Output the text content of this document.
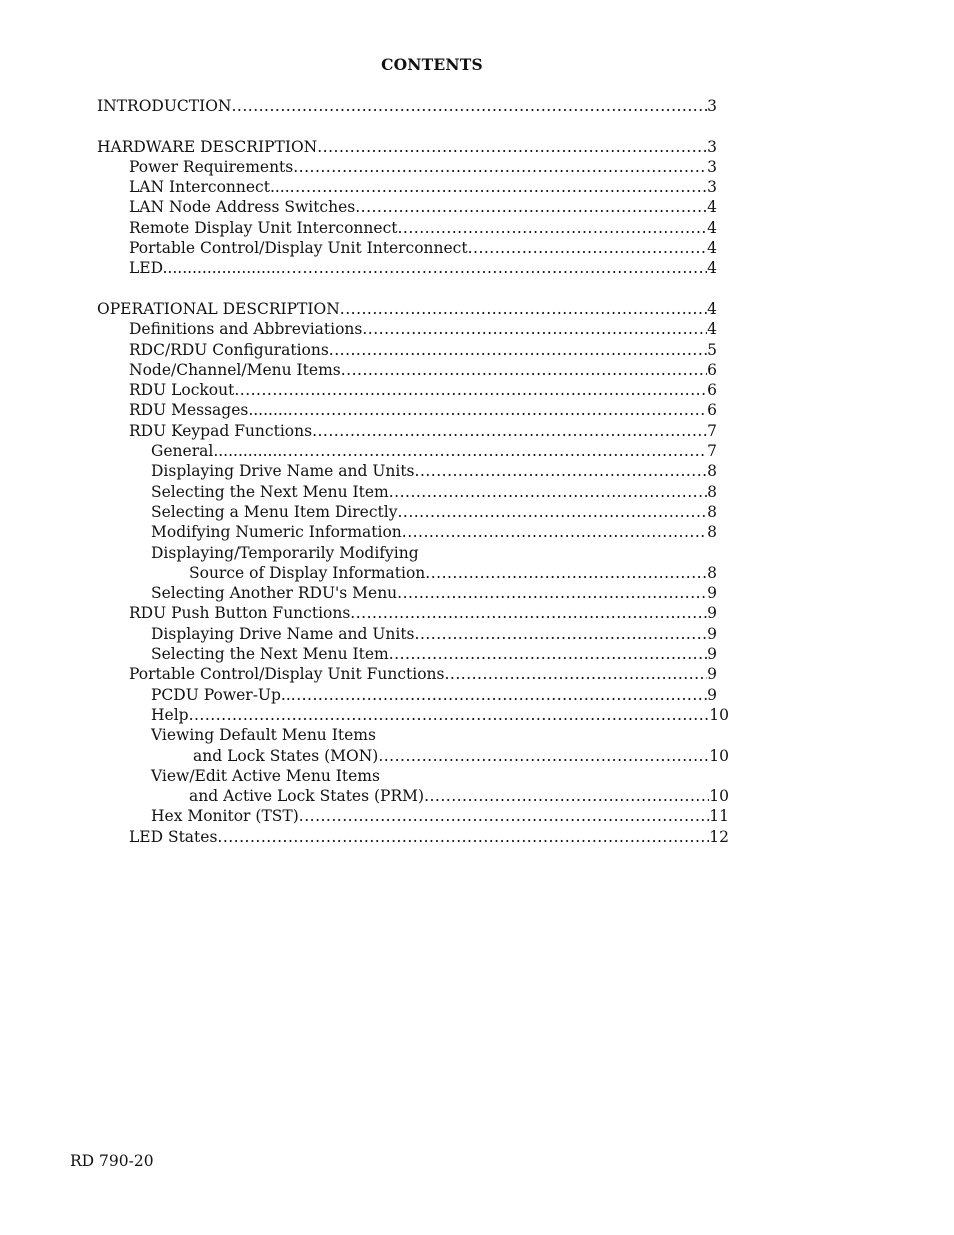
CONTENTS
INTRODUCTION .....	3
HARDWARE DESCRIPTION .....	3
Power Requirements .....	3
LAN Interconnect.... .....	3
LAN Node Address Switches .....	4
Remote Display Unit Interconnect .....	4
Portable Control/Display Unit Interconnect .....	4
LED........................ .....	4
OPERATIONAL DESCRIPTION .....	4
Definitions and Abbreviations .....	4
RDC/RDU Configurations .....	5
Node/Channel/Menu Items .....	6
RDU Lockout .....	6
RDU Messages........ .....	6
RDU Keypad Functions .....	7
General.............. .....	7
Displaying Drive Name and Units .....	8
Selecting the Next Menu Item .....	8
Selecting a Menu Item Directly .....	8
Modifying Numeric Information .....	8
Displaying/Temporarily Modifying
Source of Display Information .....	8
Selecting Another RDU's Menu .....	9
RDU Push Button Functions .....	9
Displaying Drive Name and Units .....	9
Selecting the Next Menu Item .....	9
Portable Control/Display Unit Functions .....	9
PCDU Power-Up.. .....	9
Help .....	10
Viewing Default Menu Items
and Lock States (MON) .....	10
View/Edit Active Menu Items
and Active Lock States (PRM) .....	10
Hex Monitor (TST) .....	11
LED States .....	12
RD 790-20
